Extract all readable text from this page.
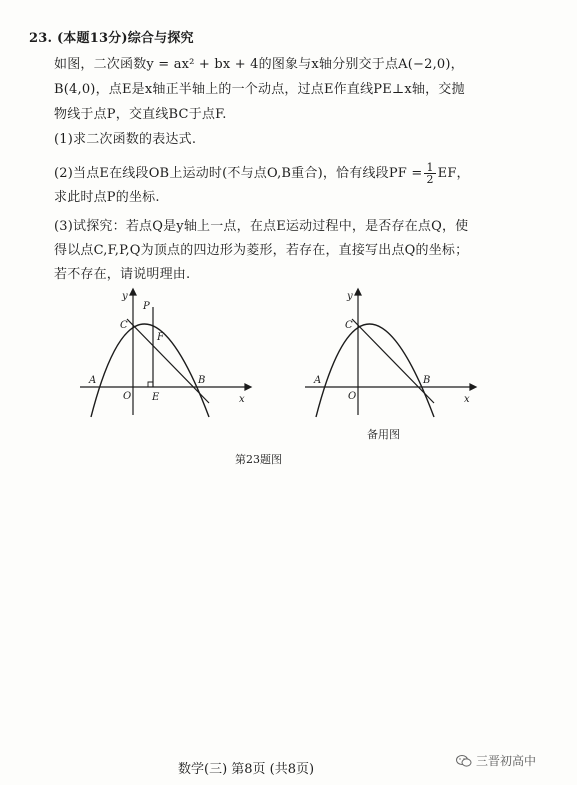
23. (本题13分)综合与探究
如图，二次函数y = ax² + bx + 4的图象与x轴分别交于点A(−2,0)，
B(4,0)，点E是x轴正半轴上的一个动点，过点E作直线PE⊥x轴，交抛
物线于点P，交直线BC于点F.
(1)求二次函数的表达式.
(2)当点E在线段OB上运动时(不与点O,B重合)，恰有线段PF = $\frac{1}{2}$ EF，
求此时点P的坐标.
(3)试探究：若点Q是y轴上一点，在点E运动过程中，是否存在点Q，使
得以点C,F,P,Q为顶点的四边形为菱形，若存在，直接写出点Q的坐标；
若不存在，请说明理由.
y
P
C
F
A	B
O E	x
y
C
A	B
O	x
备用图
第23题图
数学(三) 第8页 (共8页)
三晋初高中
